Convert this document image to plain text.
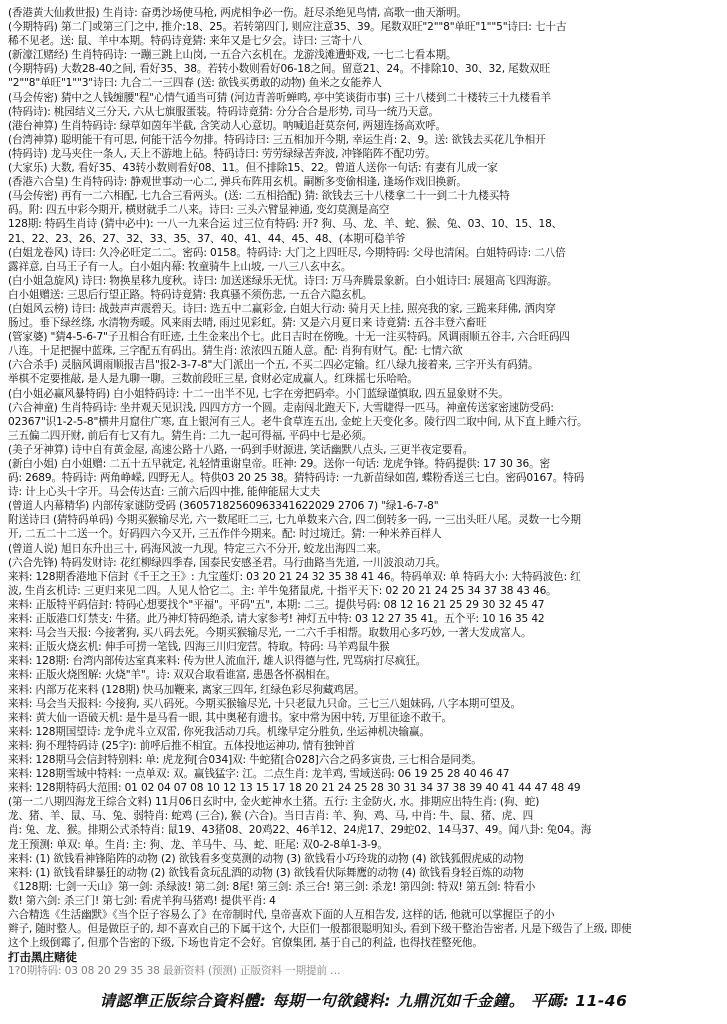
(香港黄大仙救世报) 生肖诗: 奋勇沙场使马枪, 两虎相争必一伤。赶尽杀绝见鸟情, 高歌一曲天渐明。
(今期特码) 第二门或第三门之中, 推介:18、25。若转第四门, 则应注意35、39。尾数双旺"2""8"单旺"1""5"诗曰: 七十古
稀不见老。送: 鼠、羊中本期。特码诗竟猜: 来年又是七夕会。诗曰: 三寄十八
(新濠江赌经) 生肖特码诗: 一蹦三跳上山岗, 一五合六玄机在。龙游浅滩遭虾戏, 一七二七看本期。
(今期特码) 大数28-40之间, 看好35、38。若转小数则看好06-18之间。留意21、24。不排除10、30、32, 尾数双旺
"2""8"单旺"1""3"诗曰: 九合二一三四春 (送: 欲钱买勇敢的动物) 鱼米之女能养人
(马会传密) 猜中之人钱缠腰"程"心情气通当可猜 (河边青善听蝉鸣, 亭中笑谈街市事) 三十八楼到二十楼转三十九楼看羊
(特码诗): 桃园结义三分天, 六从七旗服蛋装。特码诗竟猜: 分分合合是形势, 司马一统乃天意。
(港台神算) 生肖特码诗: 绿草如茵年半截, 含笑动人心意切。呐喊追赶莫奈何, 两翅连扬高欢呼。
(台湾神算) 聪明能干有可思, 何能干活今勿排。特码诗曰: 三五相加开今期, 幸运生肖: 2、9。送: 欲钱去买花儿争相开
(特码诗) 龙马夹住一条人, 天上不游地上砧。特码诗曰: 劳劳绿绿苦奔波, 冲锋陷阵不配功劳。
(大家乐) 大数, 看好35、43转小数则看好08、11。但不排除15、22。曾道人送你一句话: 有妻有儿成一家
(香港六合皇) 生肖特码诗: 静观世事动一心二, 弹兵布阵用玄机。嗣断多变偷相逢, 逢场作戏旧换新。
(马会传密) 再有一二六相配, 七九合三看两头。(送: 二五相拾配) 猜: 欲钱去三十八楼拿二十一到二十九楼买特
码。附: 四五中彩今期开, 横财就手二八来。诗曰: 三头六臂显神通, 变幻莫测是高空
128期: 特码生肖诗 (猜中必中): 一八一九来合运 过三位有特码: 开? 狗、马、龙、羊、蛇、猴、兔、03、10、15、18、
21、22、23、26、27、32、33、35、37、40、41、44、45、48、(本期可稳羊爷
(白姐龙卷风) 诗曰: 久冷必旺定二二。密码: 0158。特码诗: 大门之上四旺尽, 今期特码: 父母也清闲。白姐特码诗: 二八倍
露祥意, 白马王子有一人。白小姐内幕: 牧童骑牛上山坡, 一八三八玄中玄。
(白小姐急旋风) 诗曰: 物换星移九度秋。诗曰: 加送迷绿乐无忧。诗曰: 万马奔腾景象新。白小姐诗曰: 展翅高飞四海游。
白小姐赠送: 三思后行望正路。特码诗竟猜: 我真骚不须伤悲, 一五合六隐玄机。
(白姐风云榜) 诗曰: 战鼓声声震碧天。诗曰: 选五中二赢彩金, 白姐大行动: 骑月天上挂, 照亮我的家, 三跪来拜佛, 洒肉穿
肠过。垂下绿丝绦, 水清物秀暖。风来雨去晴, 雨过见彩虹。猜: 又是六月夏日来 诗竟猜: 五谷丰登六畜旺
(管家婆) "猜4-5-6-7"子丑相合有旺迹, 土生金来出个七。此日吉时在傍晚。十无一注买特码。风调雨顺五谷丰, 六合旺码四
八连。十足把握中蓝珠, 三字配五有码出。猜生肖: 浓浓四五随人意。配: 肖狗有财气。配: 七情六欲
(六合杀手) 灵脑风调雨顺报吉昌"报2-3-7-8"大门派出一个五, 不买二四必定输。红八绿九接着来, 三字开头有码猜。
举棋不定要推敲, 是人是九聊一聊。三数前段旺三星, 食财必定成赢人。红珠摇七乐哈哈。
(白小姐必赢风暴特码) 白小姐特码诗: 十二一出半不见, 七字在旁把码牵。小门蓝绿谨慎取, 四五显象财不失。
(六合神童) 生肖特码诗: 坐井观天见识浅, 四四方方一个圆。走南闯北跑天下, 大雪睫得一匹马。神童传送家密速防受码:
02367"识1-2-5-8"横井月窟住广寒, 直上银河有三人。老牛食草连五出, 金蛇上天变化多。陵行四二取中间, 从下直上睡六行。
三五偏二四开财, 前后有七又有九。猜生肖: 二九一起可得福, 平码中七是必须。
(美子牙神算) 诗中自有黄金屋, 高速公路十八路, 一码到手财源进, 笑话幽默八点头, 三更半夜定要看。
(新白小姐) 白小姐赠: 二五十五早就定, 礼轻情重谢皇帝。旺神: 29。送你一句话: 龙虎争锋。特码提供: 17 30 36。密
码: 2689。特码诗: 两角峥嵘, 四野无人。特供03 20 25 38。猜特码诗: 一九新苗绿如茵, 蝶粉香送三七白。密码0167。特码
诗: 计上心头十字开。马会传达直: 三前六后四中推, 能伸能屈大丈夫
(曾道人内幕精华) 内部传家谜防受码 (36057182560963341622029 2706 7) "绿1-6-7-8"
附送诗曰 (猜特码单码) 今期买猴输尽光, 六一数尾旺二三, 七九单数来六合, 四二倒转多一码, 一三出头旺八尾。灵数一七今期
开, 二五二十二送一个。好码四六今又开, 三五作伴今期来。配: 时过境迁。猜: 一种米养百样人
(曾道人说) 旭日东升出三十, 码海风波一九现。特定三六不分开, 蛟龙出海四二来。
(六合先锋) 特码发财诗: 花红柳绿四季春, 国泰民安感圣君。马行曲路当先道, 一川波浪动刀兵。
来料: 128期香港地下信封《千王之王》: 九宝莲灯: 03 20 21 24 32 35 38 41 46。特码单双: 单 特码大小: 大特码波色: 红
波, 生肖玄机诗: 三更归来见二四。人见人恰它二。主: 羊牛兔猪鼠虎, 十指平天下: 02 20 21 24 25 34 37 38 43 46。
来料: 正版特平码信封: 特码心想要找个"平福"。平码"五", 本期: 二三。提供号码: 08 12 16 21 25 29 30 32 45 47
来料: 正版港口灯禁支: 牛猪。此乃神灯特码绝杀, 请大家参考! 神灯五中特: 03 12 27 35 41。五个平: 10 16 35 42
来料: 马会当天报: 今接著狗, 买八码去死。今期买猴输尽光, 一二六千手相帮。取数用心多巧妙, 一著大发成富人。
来料: 正版火烧玄机: 伸手可捞一笔钱, 四海三川归宠营。特取。特码: 马羊鸡鼠牛猴
来料: 128期: 台湾内部传达室真来料: 传为世人流血汗, 雄人识得德与性, 咒骂病打尽疯狂。
来料: 正版火烧图解: 火烧"羊"。诗: 双双合取看谁富, 患愚各怀祸相在。
来料: 内部万花来料 (128期) 快马加鞭来, 离家三四年, 红绿色彩尽狗藏鸡居。
来料: 马会当天报料: 今接狗, 买八码死。今期买猴输尽光, 十只老鼠九只命。三七三八姐妹码, 八字本期可望及。
来料: 黄大仙一语破天机: 是牛是马看一眼, 其中奥秘有遗书。家中常为困中转, 万里征途不敢干。
来料: 128期国望诗: 龙争虎斗立双雷, 你死我活动刀兵。机缘早定分胜负, 坐运神机决输赢。
来料: 狗不理特码诗 (25字): 前呼后推不相宜。五体投地运神功, 情有独钟首
来料: 128期马会信封特别料: 单: 虎龙狗[合034]双: 牛蛇猪[合028]六合之码多寅贵, 三七相合是同类。
来料: 128期雪域中特料: 一点单双: 双。赢钱猛字: 江。二点生肖: 龙羊鸡, 雪域送码: 06 19 25 28 40 46 47
来料: 128期特码大范围: 01 02 04 07 08 10 12 13 15 17 18 20 21 24 25 28 30 31 34 37 38 39 40 41 44 47 48 49
(第一二八期四海龙王综合文料) 11月06日玄时中, 金火蛇神水土猪。五行: 主金防火, 水。排期应出特生肖: (狗、蛇)
龙、猪、羊、鼠、马、兔、弱特肖: 蛇鸡 (三合), 猴 (六合)。当日吉肖: 羊、狗、鸡、马, 中肖: 牛、鼠、猪、虎、四
肖: 兔、龙、猴。排期公式杀特肖: 鼠19、43猪08、20鸡22、46羊12、24虎17、29蛇02、14马37、49。闻八卦: 兔04。海
龙王预测: 单双: 单。生肖: 主: 狗、龙、羊马牛、马、蛇、旺尾: 双0-2-8单1-3-9。
来料: (1) 欲钱看神锋陷阵的动物 (2) 欲钱看多变莫测的动物 (3) 欲钱看小巧玲珑的动物 (4) 欲钱狐假虎威的动物
来料: (1) 欲钱看肆暴狂的动物 (2) 欲钱看贪玩乱酒的动物 (3) 欲钱看伏际舞鹰的动物 (4) 欲钱看身轻百炼的动物
《128期: 七剑一天山》第一剑: 杀绿波! 第二剑: 8尾! 第三剑: 杀三合! 第三剑: 杀龙! 第四剑: 特双! 第五剑: 特看小
数! 第六剑: 杀三门! 第七剑: 看虎羊狗马猪鸡! 提供平肖: 4
六合精选《生活幽默》《当个臣子容易么了》在帝制时代, 皇帝喜欢下面的人互相告发, 这样的话, 他就可以掌握臣子的小
辫子, 随时整人。但是做臣子的, 却不喜欢自己的下属干这个, 大臣们一般都很聪明知头, 看到下级干整治告密者, 凡是下级告了上级, 即使
这个上级倒霉了, 但那个告密的下级, 下场也肯定不会好。官僚集团, 基于自己的利益, 也得找茬整死他。
打击黑庄赌徒
1?0期特码: 03 08 20 29 35 38 最新资料 (预测) 正版资料 一期提前 …
请認準正版综合資料體: 每期一句欲錢料: 九鼎沉如千金鐘。 平碼: 11-46
